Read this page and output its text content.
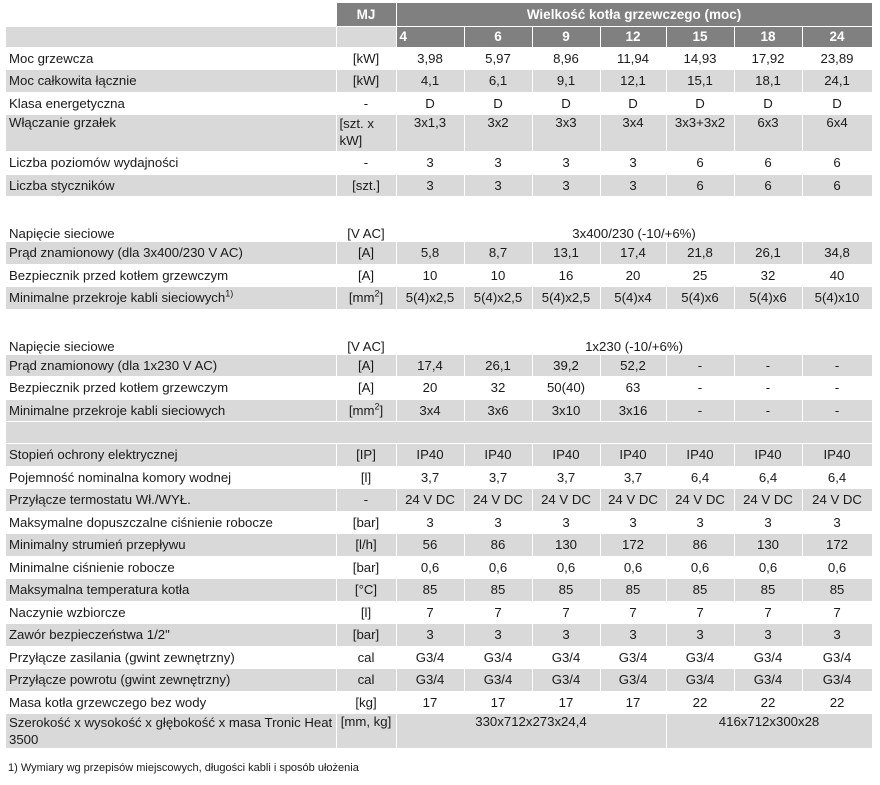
	MJ	Wielkość kotła grzewczego (moc)						
		4	6	9	12	15	18	24
Moc grzewcza	[kW]	3,98	5,97	8,96	11,94	14,93	17,92	23,89
Moc całkowita łącznie	[kW]	4,1	6,1	9,1	12,1	15,1	18,1	24,1
Klasa energetyczna	-	D	D	D	D	D	D	D
Włączanie grzałek	[szt. x kW]	3x1,3	3x2	3x3	3x4	3x3+3x2	6x3	6x4
Liczba poziomów wydajności	-	3	3	3	3	6	6	6
Liczba styczników	[szt.]	3	3	3	3	6	6	6

Napięcie sieciowe	[V AC]	3x400/230 (-10/+6%)						
Prąd znamionowy (dla 3x400/230 V AC)	[A]	5,8	8,7	13,1	17,4	21,8	26,1	34,8
Bezpiecznik przed kotłem grzewczym	[A]	10	10	16	20	25	32	40
Minimalne przekroje kabli sieciowych$^{1)}$	$[mm^2]$	5(4)x2,5	5(4)x2,5	5(4)x2,5	5(4)x4	5(4)x6	5(4)x6	5(4)x10

Napięcie sieciowe	[V AC]	1x230 (-10/+6%)						
Prąd znamionowy (dla 1x230 V AC)	[A]	17,4	26,1	39,2	52,2	-	-	-
Bezpiecznik przed kotłem grzewczym	[A]	20	32	50(40)	63	-	-	-
Minimalne przekroje kabli sieciowych	$[mm^2]$	3x4	3x6	3x10	3x16	-	-	-

Stopień ochrony elektrycznej	[IP]	IP40	IP40	IP40	IP40	IP40	IP40	IP40
Pojemność nominalna komory wodnej	[l]	3,7	3,7	3,7	3,7	6,4	6,4	6,4
Przyłącze termostatu Wł./WYŁ.	-	24 V DC	24 V DC	24 V DC	24 V DC	24 V DC	24 V DC	24 V DC
Maksymalne dopuszczalne ciśnienie robocze	[bar]	3	3	3	3	3	3	3
Minimalny strumień przepływu	[l/h]	56	86	130	172	86	130	172
Minimalne ciśnienie robocze	[bar]	0,6	0,6	0,6	0,6	0,6	0,6	0,6
Maksymalna temperatura kotła	[°C]	85	85	85	85	85	85	85
Naczynie wzbiorcze	[l]	7	7	7	7	7	7	7
Zawór bezpieczeństwa 1/2"	[bar]	3	3	3	3	3	3	3
Przyłącze zasilania (gwint zewnętrzny)	cal	G3/4	G3/4	G3/4	G3/4	G3/4	G3/4	G3/4
Przyłącze powrotu (gwint zewnętrzny)	cal	G3/4	G3/4	G3/4	G3/4	G3/4	G3/4	G3/4
Masa kotła grzewczego bez wody	[kg]	17	17	17	17	22	22	22
Szerokość x wysokość x głębokość x masa Tronic Heat 3500	[mm, kg]	330x712x273x24,4				416x712x300x28		
1) Wymiary wg przepisów miejscowych, długości kabli i sposób ułożenia
